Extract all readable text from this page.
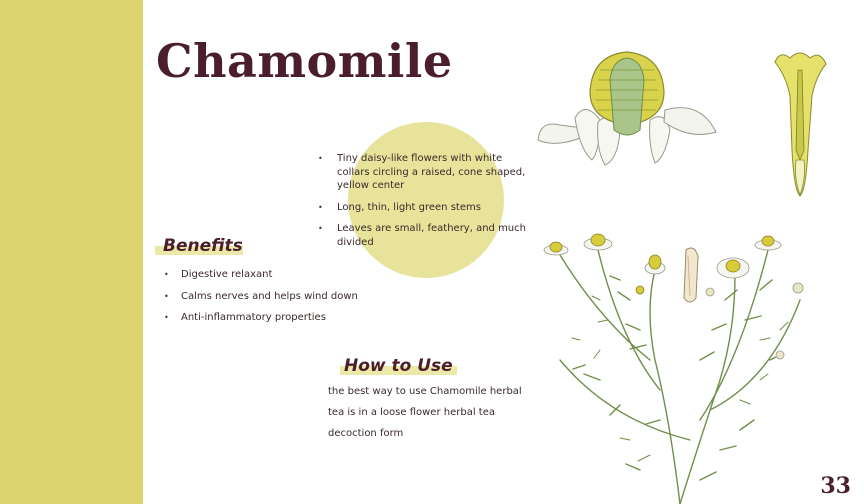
Chamomile
• Tiny daisy-like flowers with white collars circling a raised, cone shaped, yellow center
• Long, thin, light green stems
• Leaves are small, feathery, and much divided
Benefits
• Digestive relaxant
• Calms nerves and helps wind down
• Anti-inflammatory properties
How to Use

the best way to use Chamomile herbal tea is in a loose flower herbal tea decoction form

33
